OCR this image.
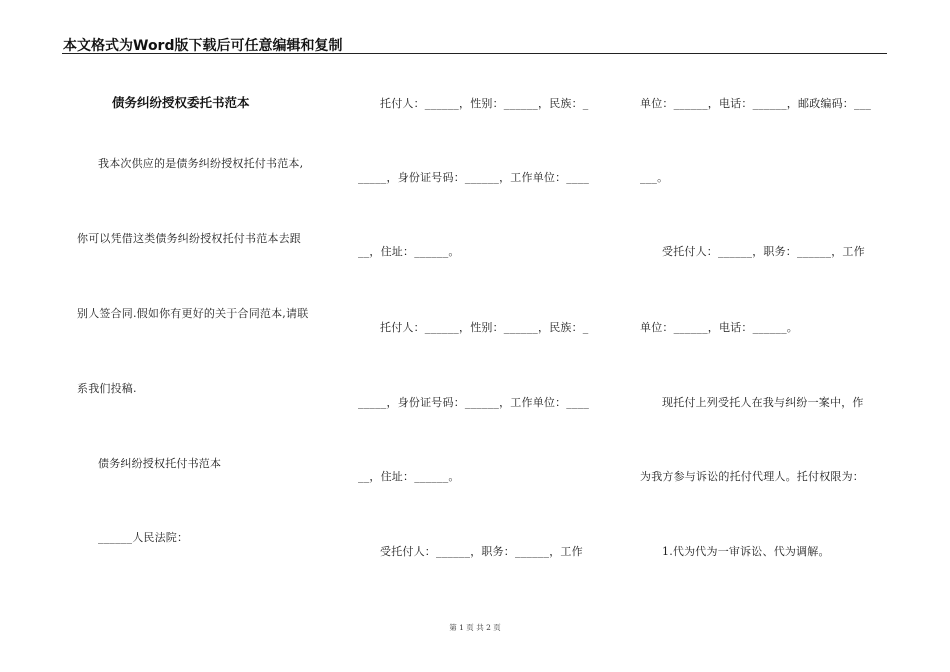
本文格式为Word版下载后可任意编辑和复制
债务纠纷授权委托书范本
我本次供应的是债务纠纷授权托付书范本,
你可以凭借这类债务纠纷授权托付书范本去跟
别人签合同.假如你有更好的关于合同范本,请联
系我们投稿.
债务纠纷授权托付书范本
______人民法院：
托付人：______，性别：______，民族：_
_____，身份证号码：______，工作单位：____
__，住址：______。
托付人：______，性别：______，民族：_
_____，身份证号码：______，工作单位：____
__，住址：______。
受托付人：______，职务：______，工作
单位：______，电话：______，邮政编码：___
___。
受托付人：______，职务：______，工作
单位：______，电话：______。
现托付上列受托人在我与纠纷一案中，作
为我方参与诉讼的托付代理人。托付权限为：
1.代为代为一审诉讼、代为调解。
第 1 页 共 2 页
